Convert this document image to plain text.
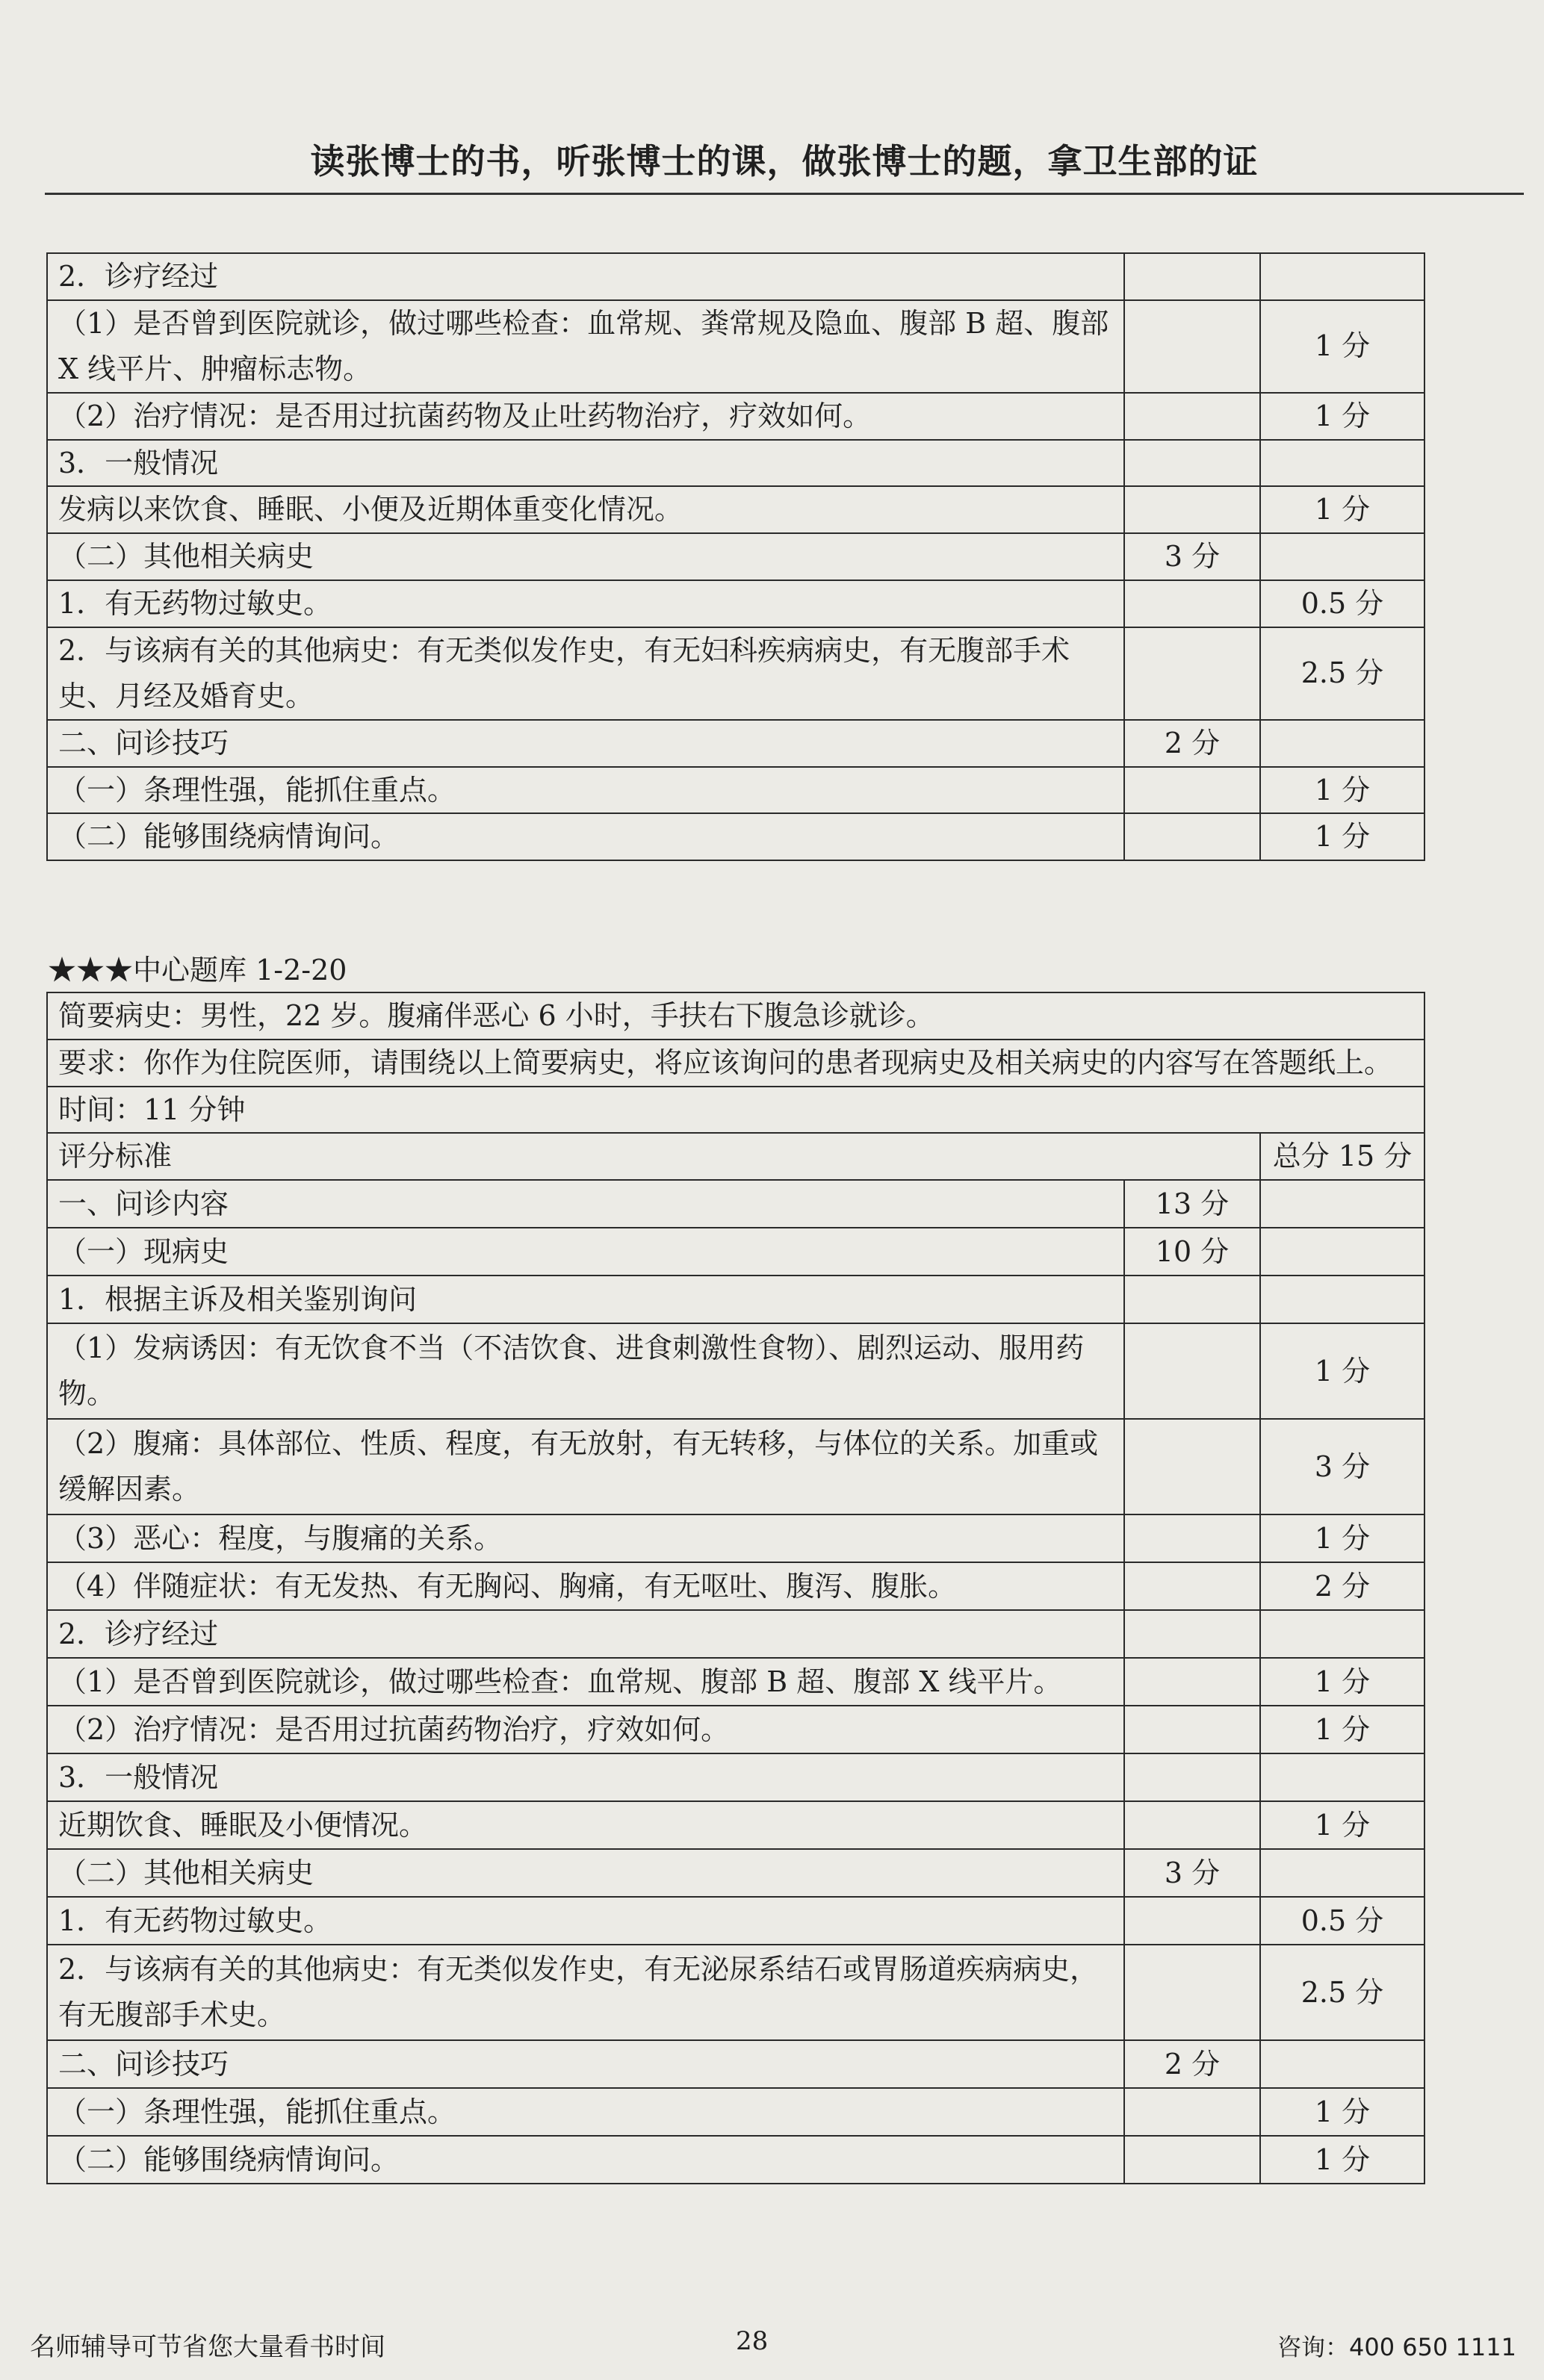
读张博士的书，听张博士的课，做张博士的题，拿卫生部的证
2．诊疗经过		
（1）是否曾到医院就诊，做过哪些检查：血常规、粪常规及隐血、腹部 B 超、腹部 X 线平片、肿瘤标志物。		1 分
（2）治疗情况：是否用过抗菌药物及止吐药物治疗，疗效如何。		1 分
3．一般情况		
发病以来饮食、睡眠、小便及近期体重变化情况。		1 分
（二）其他相关病史	3 分	
1．有无药物过敏史。		0.5 分
2．与该病有关的其他病史：有无类似发作史，有无妇科疾病病史，有无腹部手术史、月经及婚育史。		2.5 分
二、问诊技巧	2 分	
（一）条理性强，能抓住重点。		1 分
（二）能够围绕病情询问。		1 分
★★★中心题库 1-2-20
简要病史：男性，22 岁。腹痛伴恶心 6 小时，手扶右下腹急诊就诊。		
要求：你作为住院医师，请围绕以上简要病史，将应该询问的患者现病史及相关病史的内容写在答题纸上。		
时间：11 分钟		
评分标准		总分 15 分
一、问诊内容	13 分	
（一）现病史	10 分	
1．根据主诉及相关鉴别询问		
（1）发病诱因：有无饮食不当（不洁饮食、进食刺激性食物）、剧烈运动、服用药物。		1 分
（2）腹痛：具体部位、性质、程度，有无放射，有无转移，与体位的关系。加重或缓解因素。		3 分
（3）恶心：程度，与腹痛的关系。		1 分
（4）伴随症状：有无发热、有无胸闷、胸痛，有无呕吐、腹泻、腹胀。		2 分
2．诊疗经过		
（1）是否曾到医院就诊，做过哪些检查：血常规、腹部 B 超、腹部 X 线平片。		1 分
（2）治疗情况：是否用过抗菌药物治疗，疗效如何。		1 分
3．一般情况		
近期饮食、睡眠及小便情况。		1 分
（二）其他相关病史	3 分	
1．有无药物过敏史。		0.5 分
2．与该病有关的其他病史：有无类似发作史，有无泌尿系结石或胃肠道疾病病史，有无腹部手术史。		2.5 分
二、问诊技巧	2 分	
（一）条理性强，能抓住重点。		1 分
（二）能够围绕病情询问。		1 分
名师辅导可节省您大量看书时间	28	咨询：400 650 1111
